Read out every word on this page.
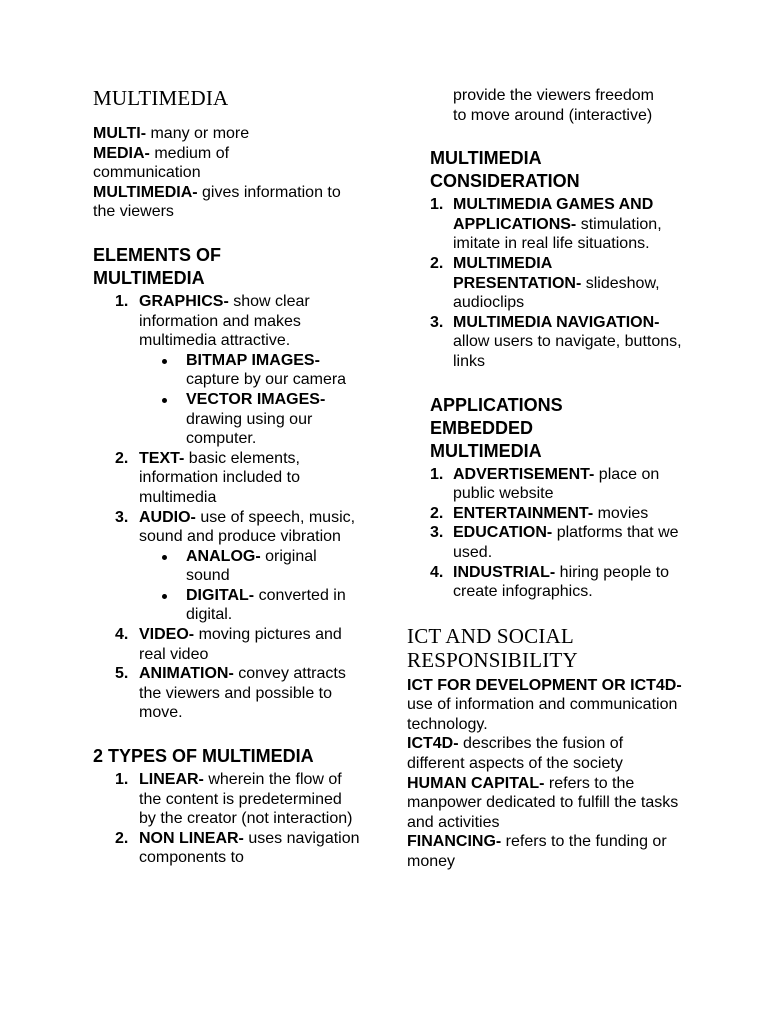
MULTIMEDIA

MULTI- many or more

MEDIA- medium of communication

MULTIMEDIA- gives information to the viewers

ELEMENTS OF MULTIMEDIA
1. GRAPHICS- show clear information and makes multimedia attractive.
BITMAP IMAGES- capture by our camera
VECTOR IMAGES- drawing using our computer.
2. TEXT- basic elements, information included to multimedia
3. AUDIO- use of speech, music, sound and produce vibration
ANALOG- original sound
DIGITAL- converted in digital.
4. VIDEO- moving pictures and real video
5. ANIMATION- convey attracts the viewers and possible to move.
2 TYPES OF MULTIMEDIA
1. LINEAR- wherein the flow of the content is predetermined by the creator (not interaction)
2. NON LINEAR- uses navigation components to

provide the viewers freedom to move around (interactive)

MULTIMEDIA CONSIDERATION
1. MULTIMEDIA GAMES AND APPLICATIONS- stimulation, imitate in real life situations.
2. MULTIMEDIA PRESENTATION- slideshow, audioclips
3. MULTIMEDIA NAVIGATION- allow users to navigate, buttons, links
APPLICATIONS EMBEDDED MULTIMEDIA
1. ADVERTISEMENT- place on public website
2. ENTERTAINMENT- movies
3. EDUCATION- platforms that we used.
4. INDUSTRIAL- hiring people to create infographics.
ICT AND SOCIAL RESPONSIBILITY

ICT FOR DEVELOPMENT OR ICT4D- use of information and communication technology.

ICT4D- describes the fusion of different aspects of the society

HUMAN CAPITAL- refers to the manpower dedicated to fulfill the tasks and activities

FINANCING- refers to the funding or money
